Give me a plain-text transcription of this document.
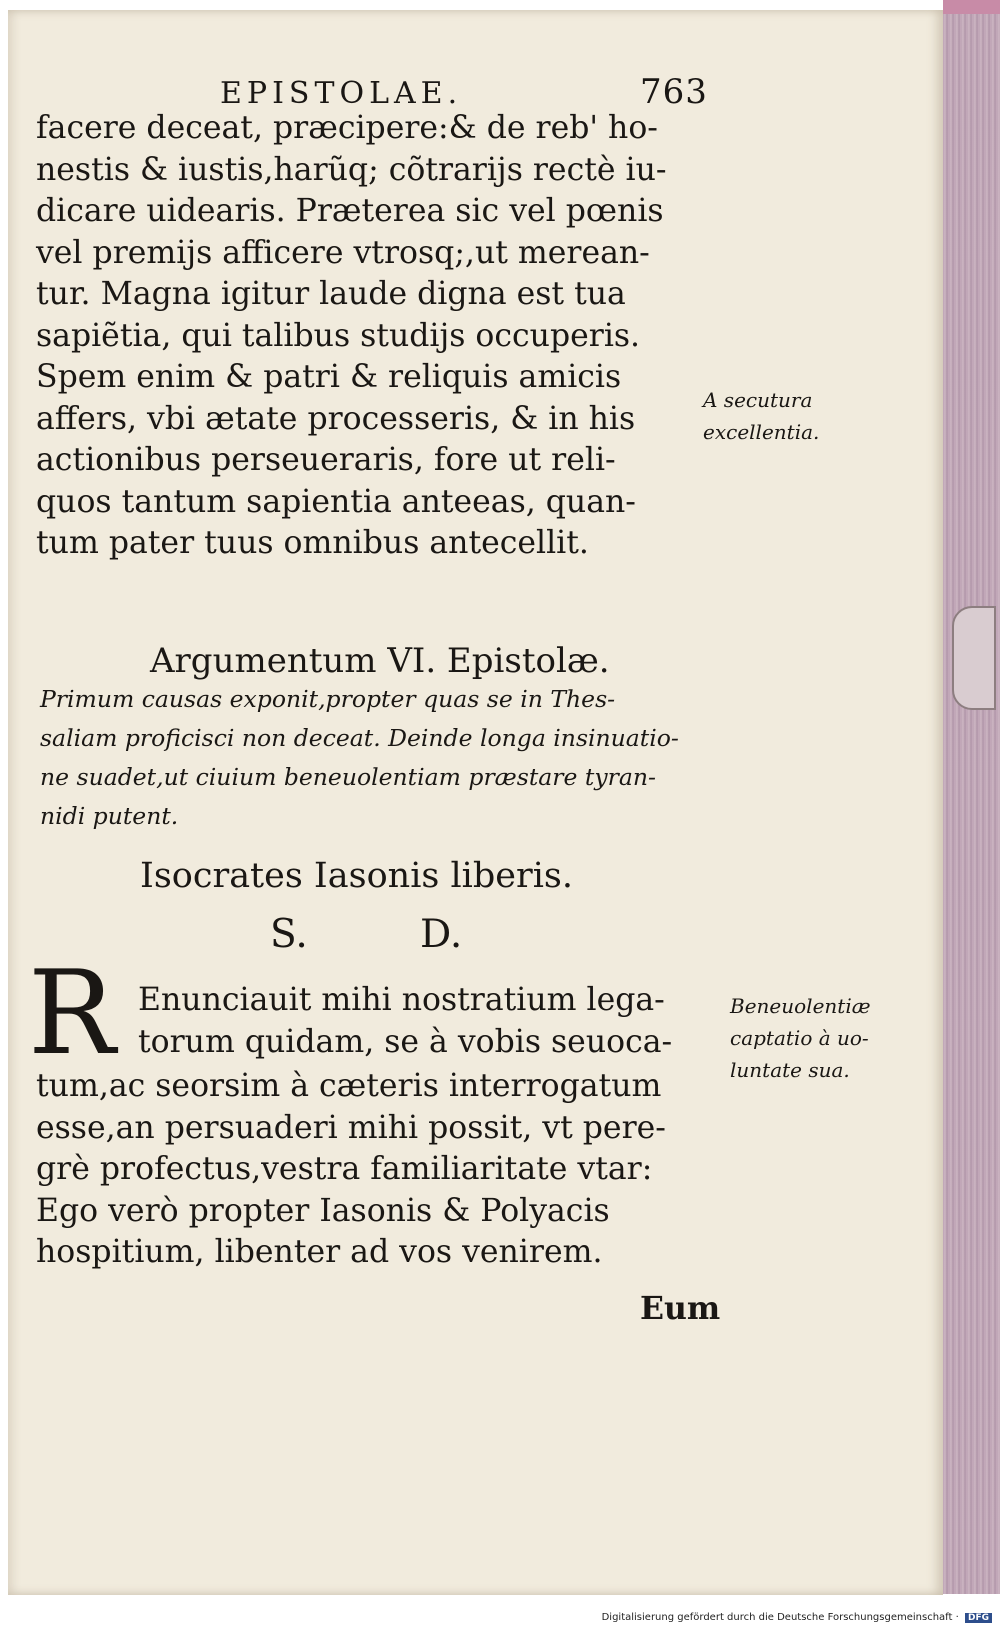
EPISTOLAE.	763
facere deceat, præcipere:& de reb' ho-
nestis & iustis,harũq; cõtrarijs rectè iu-
dicare uidearis. Præterea sic vel pœnis
vel premijs afficere vtrosq;,ut merean-
tur. Magna igitur laude digna est tua
sapiẽtia, qui talibus studijs occuperis.
Spem enim & patri & reliquis amicis
affers, vbi ætate processeris, & in his
actionibus perseueraris, fore ut reli-
quos tantum sapientia anteeas, quan-
tum pater tuus omnibus antecellit.
A secutura
excellentia.
Argumentum VI. Epistolæ.
Primum causas exponit,propter quas se in Thes-
saliam proficisci non deceat. Deinde longa insinuatio-
ne suadet,ut ciuium beneuolentiam præstare tyran-
nidi putent.
Isocrates Iasonis liberis.
S.	D.
R Enunciauit mihi nostratium lega-
torum quidam, se à vobis seuoca-
tum,ac seorsim à cæteris interrogatum
esse,an persuaderi mihi possit, vt pere-
grè profectus,vestra familiaritate vtar:
Ego verò propter Iasonis & Polyacis
hospitium, libenter ad vos venirem.
Eum
Beneuolentiæ
captatio à uo-
luntate sua.
Digitalisierung gefördert durch die Deutsche Forschungsgemeinschaft · DFG
